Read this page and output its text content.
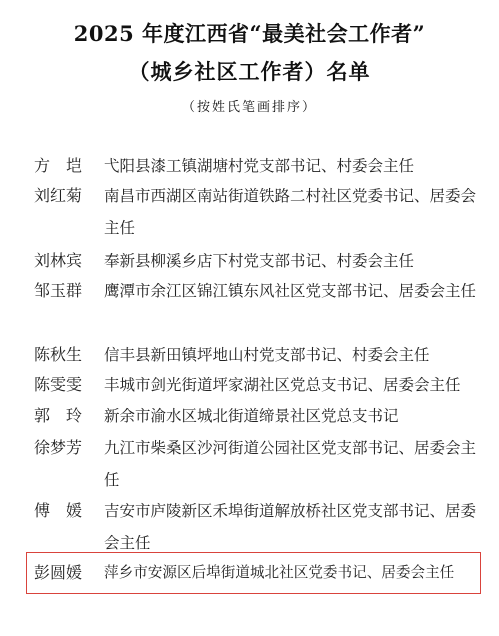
2025 年度江西省“最美社会工作者”
（城乡社区工作者）名单
（按姓氏笔画排序）
方　垲	弋阳县漆工镇湖塘村党支部书记、村委会主任
刘红菊	南昌市西湖区南站街道铁路二村社区党委书记、居委会主任
刘林宾	奉新县柳溪乡店下村党支部书记、村委会主任
邹玉群	鹰潭市余江区锦江镇东风社区党支部书记、居委会主任
陈秋生	信丰县新田镇坪地山村党支部书记、村委会主任
陈雯雯	丰城市剑光街道坪家湖社区党总支书记、居委会主任
郭　玲	新余市渝水区城北街道缔景社区党总支书记
徐梦芳	九江市柴桑区沙河街道公园社区党支部书记、居委会主任
傅　媛	吉安市庐陵新区禾埠街道解放桥社区党支部书记、居委会主任
彭圆媛	萍乡市安源区后埠街道城北社区党委书记、居委会主任
